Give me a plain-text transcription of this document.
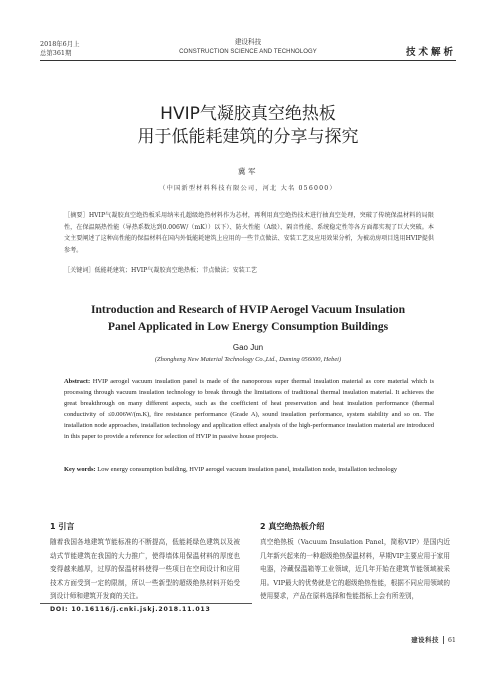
2018年6月上
总第361期
建设科技
CONSTRUCTION SCIENCE AND TECHNOLOGY	技术解析
HVIP气凝胶真空绝热板
用于低能耗建筑的分享与探究
冀军
（中国新型材料科技有限公司，河北 大名 056000）
［摘要］HVIP气凝胶真空绝热板采用纳米孔超级绝热材料作为芯材，再利用真空绝热技术进行抽真空处理，突破了传统保温材料的局限性，在保温隔热性能（导热系数达到0.006W/（mK））以下）、防火性能（A级）、隔音性能、系统稳定性等各方面都实现了巨大突破。本文主要阐述了这种高性能的保温材料在国内外低能耗建筑上应用的一些节点做法、安装工艺及应用效果分析，为被动房项目选用HVIP提供参考。
［关键词］低能耗建筑；HVIP气凝胶真空绝热板；节点做法；安装工艺
Introduction and Research of HVIP Aerogel Vacuum Insulation
Panel Applicated in Low Energy Consumption Buildings
Gao Jun
(Zhongheng New Material Technology Co.,Ltd., Daming 056000, Hebei)
Abstract: HVIP aerogel vacuum insulation panel is made of the nanoporous super thermal insulation material as core material which is processing through vacuum insulation technology to break through the limitations of traditional thermal insulation material. It achieves the great breakthrough on many different aspects, such as the coefficient of heat preservation and heat insulation performance (thermal conductivity of ≤0.006W/(m.K), fire resistance performance (Grade A), sound insulation performance, system stability and so on. The installation node approaches, installation technology and application effect analysis of the high-performance insulation material are introduced in this paper to provide a reference for selection of HVIP in passive house projects.
Key words: Low energy consumption building, HVIP aerogel vacuum insulation panel, installation node, installation technology
1 引言
随着我国各地建筑节能标准的不断提高，低能耗绿色建筑以及被动式节能建筑在我国的大力推广，使得墙体用保温材料的厚度也变得越来越厚，过厚的保温材料使得一些项目在空间设计和应用技术方面受到一定的限制，所以一些新型的超级绝热材料开始受到设计师和建筑开发商的关注。
2 真空绝热板介绍
真空绝热板（Vacuum Insulation Panel，简称VIP）是国内近几年新兴起来的一种超级绝热保温材料，早期VIP主要应用于家用电器，冷藏保温箱等工业领域，近几年开始在建筑节能领域被采用。VIP最大的优势就是它的超级绝热性能，根据不同应用领域的使用要求，产品在原料选择和性能指标上会有所差别，
DOI: 10.16116/j.cnki.jskj.2018.11.013
建设科技 61
